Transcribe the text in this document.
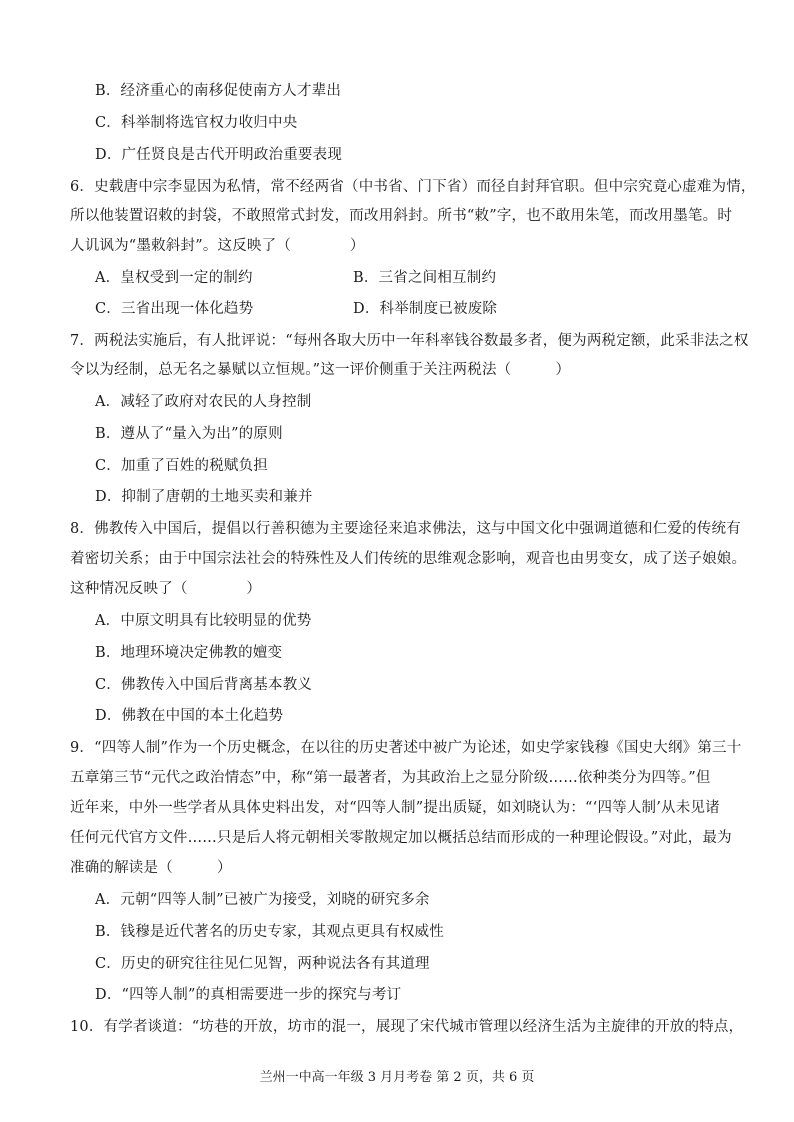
B．经济重心的南移促使南方人才辈出
C．科举制将选官权力收归中央
D．广任贤良是古代开明政治重要表现
6．史载唐中宗李显因为私情，常不经两省（中书省、门下省）而径自封拜官职。但中宗究竟心虚难为情，
所以他装置诏敕的封袋，不敢照常式封发，而改用斜封。所书“敕”字，也不敢用朱笔，而改用墨笔。时
人讥讽为“墨敕斜封”。这反映了（　　　　）
A．皇权受到一定的制约	B．三省之间相互制约
C．三省出现一体化趋势	D．科举制度已被废除
7．两税法实施后，有人批评说：“每州各取大历中一年科率钱谷数最多者，便为两税定额，此采非法之权
令以为经制，总无名之暴赋以立恒规。”这一评价侧重于关注两税法（　　　）
A．减轻了政府对农民的人身控制
B．遵从了“量入为出”的原则
C．加重了百姓的税赋负担
D．抑制了唐朝的土地买卖和兼并
8．佛教传入中国后，提倡以行善积德为主要途径来追求佛法，这与中国文化中强调道德和仁爱的传统有
着密切关系；由于中国宗法社会的特殊性及人们传统的思维观念影响，观音也由男变女，成了送子娘娘。
这种情况反映了（　　　　）
A．中原文明具有比较明显的优势
B．地理环境决定佛教的嬗变
C．佛教传入中国后背离基本教义
D．佛教在中国的本土化趋势
9．“四等人制”作为一个历史概念，在以往的历史著述中被广为论述，如史学家钱穆《国史大纲》第三十
五章第三节“元代之政治情态”中，称“第一最著者，为其政治上之显分阶级……依种类分为四等。”但
近年来，中外一些学者从具体史料出发，对“四等人制”提出质疑，如刘晓认为：“‘四等人制’从未见诸
任何元代官方文件……只是后人将元朝相关零散规定加以概括总结而形成的一种理论假设。”对此，最为
准确的解读是（　　　）
A．元朝“四等人制”已被广为接受，刘晓的研究多余
B．钱穆是近代著名的历史专家，其观点更具有权威性
C．历史的研究往往见仁见智，两种说法各有其道理
D．“四等人制”的真相需要进一步的探究与考订
10．有学者谈道：“坊巷的开放，坊市的混一，展现了宋代城市管理以经济生活为主旋律的开放的特点，
兰州一中高一年级 3 月月考卷 第 2 页，共 6 页
